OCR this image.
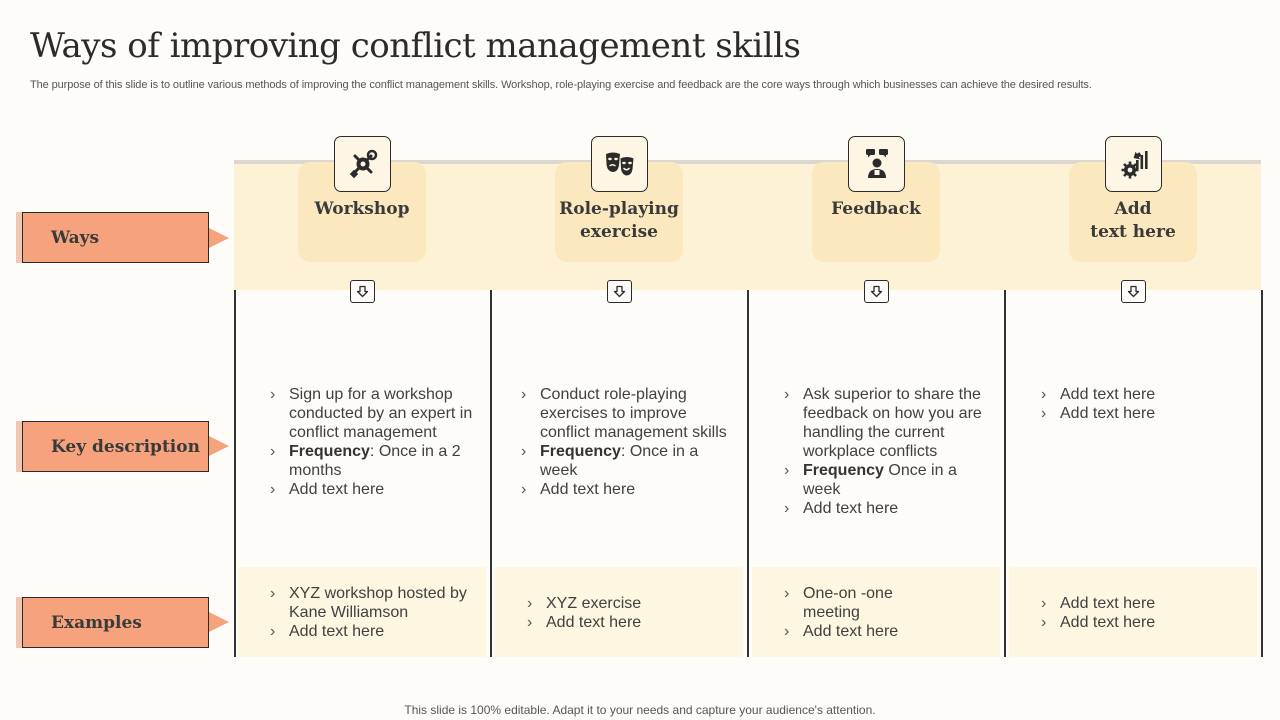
Ways of improving conflict management skills
The purpose of this slide is to outline various methods of improving the conflict management skills. Workshop, role-playing exercise and feedback are the core ways through which businesses can achieve the desired results.
Ways
Key description
Examples
Workshop
› Sign up for a workshop conducted by an expert in conflict management
› Frequency: Once in a 2 months
› Add text here
› XYZ workshop hosted by Kane Williamson
› Add text here
Role-playing
exercise
› Conduct role-playing exercises to improve conflict management skills
› Frequency: Once in a week
› Add text here
› XYZ exercise
› Add text here
Feedback
› Ask superior to share the feedback on how you are handling the current workplace conflicts
› Frequency Once in a week
› Add text here
› One-on -one meeting
› Add text here
Add
text here
› Add text here
› Add text here
› Add text here
› Add text here
This slide is 100% editable. Adapt it to your needs and capture your audience's attention.
